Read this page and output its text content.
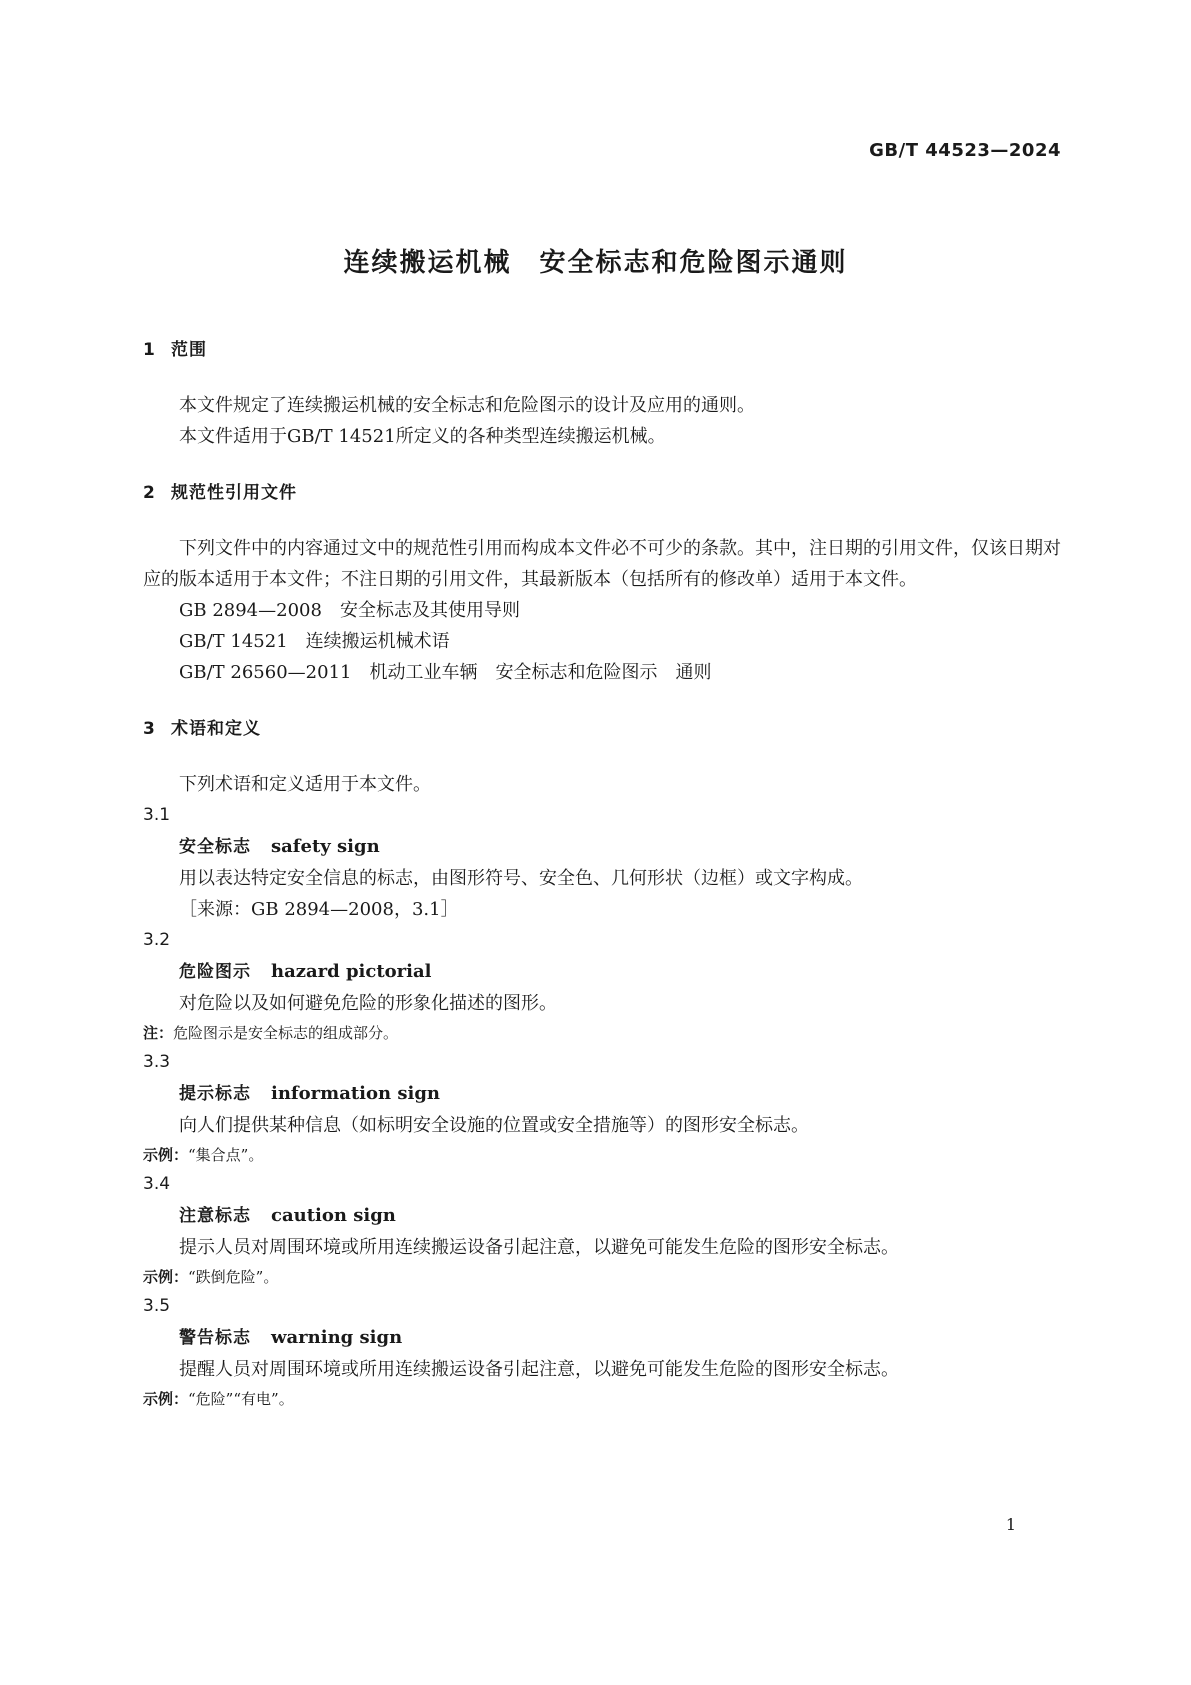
GB/T 44523—2024
连续搬运机械　安全标志和危险图示通则
1 范围

本文件规定了连续搬运机械的安全标志和危险图示的设计及应用的通则。

本文件适用于GB/T 14521所定义的各种类型连续搬运机械。

2 规范性引用文件

下列文件中的内容通过文中的规范性引用而构成本文件必不可少的条款。其中，注日期的引用文件，仅该日期对应的版本适用于本文件；不注日期的引用文件，其最新版本（包括所有的修改单）适用于本文件。

GB 2894—2008　安全标志及其使用导则

GB/T 14521　连续搬运机械术语

GB/T 26560—2011　机动工业车辆　安全标志和危险图示　通则

3 术语和定义

下列术语和定义适用于本文件。

3.1

安全标志 safety sign

用以表达特定安全信息的标志，由图形符号、安全色、几何形状（边框）或文字构成。

［来源：GB 2894—2008，3.1］

3.2

危险图示 hazard pictorial

对危险以及如何避免危险的形象化描述的图形。

注：危险图示是安全标志的组成部分。

3.3

提示标志 information sign

向人们提供某种信息（如标明安全设施的位置或安全措施等）的图形安全标志。

示例：“集合点”。

3.4

注意标志 caution sign

提示人员对周围环境或所用连续搬运设备引起注意，以避免可能发生危险的图形安全标志。

示例：“跌倒危险”。

3.5

警告标志 warning sign

提醒人员对周围环境或所用连续搬运设备引起注意，以避免可能发生危险的图形安全标志。

示例：“危险”“有电”。

1
